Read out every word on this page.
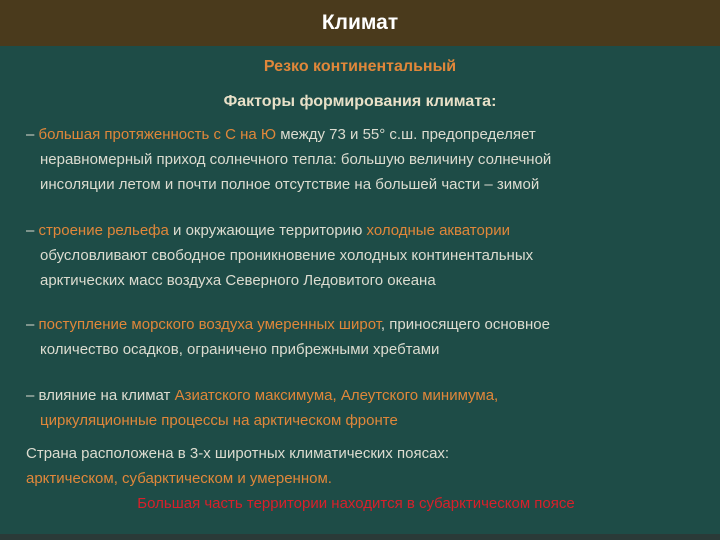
Климат
Резко континентальный
Факторы формирования климата:
– большая протяженность с С на Ю между 73 и 55° с.ш. предопределяет
неравномерный приход солнечного тепла: большую величину солнечной
инсоляции летом и почти полное отсутствие на большей части – зимой
– строение рельефа и окружающие территорию холодные акватории
обусловливают свободное проникновение холодных континентальных
арктических масс воздуха Северного Ледовитого океана
– поступление морского воздуха умеренных широт, приносящего основное
количество осадков, ограничено прибрежными хребтами
– влияние на климат Азиатского максимума, Алеутского минимума,
циркуляционные процессы на арктическом фронте
Страна расположена в 3-х широтных климатических поясах:
арктическом, субарктическом и умеренном.
Большая часть территории находится в субарктическом поясе
